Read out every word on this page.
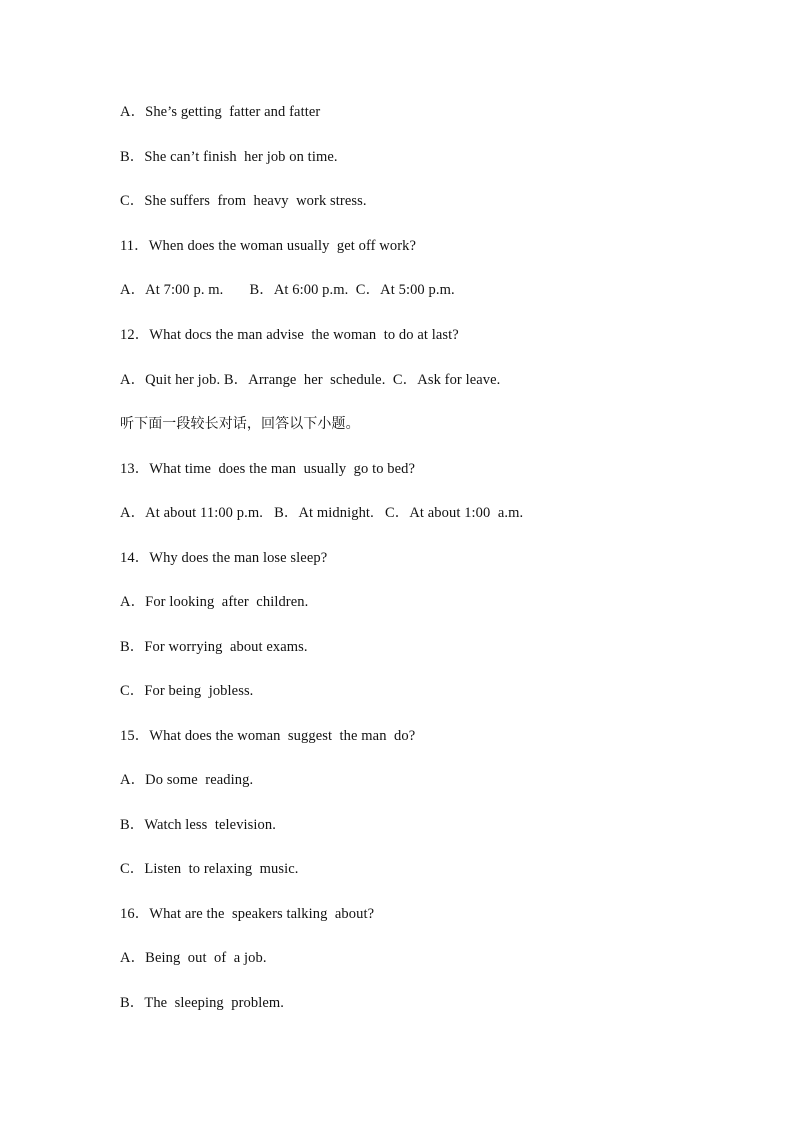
A．She’s getting  fatter and fatter
B．She can’t finish  her job on time.
C．She suffers  from  heavy  work stress.
11．When does the woman usually  get off work?
A．At 7:00 p. m.       B．At 6:00 p.m.  C．At 5:00 p.m.
12．What docs the man advise  the woman  to do at last?
A．Quit her job. B．Arrange  her  schedule.  C．Ask for leave.
听下面一段较长对话，回答以下小题。
13．What time  does the man  usually  go to bed?
A．At about 11:00 p.m.   B．At midnight.   C．At about 1:00  a.m.
14．Why does the man lose sleep?
A．For looking  after  children.
B．For worrying  about exams.
C．For being  jobless.
15．What does the woman  suggest  the man  do?
A．Do some  reading.
B．Watch less  television.
C．Listen  to relaxing  music.
16．What are the  speakers talking  about?
A．Being  out  of  a job.
B．The  sleeping  problem.
